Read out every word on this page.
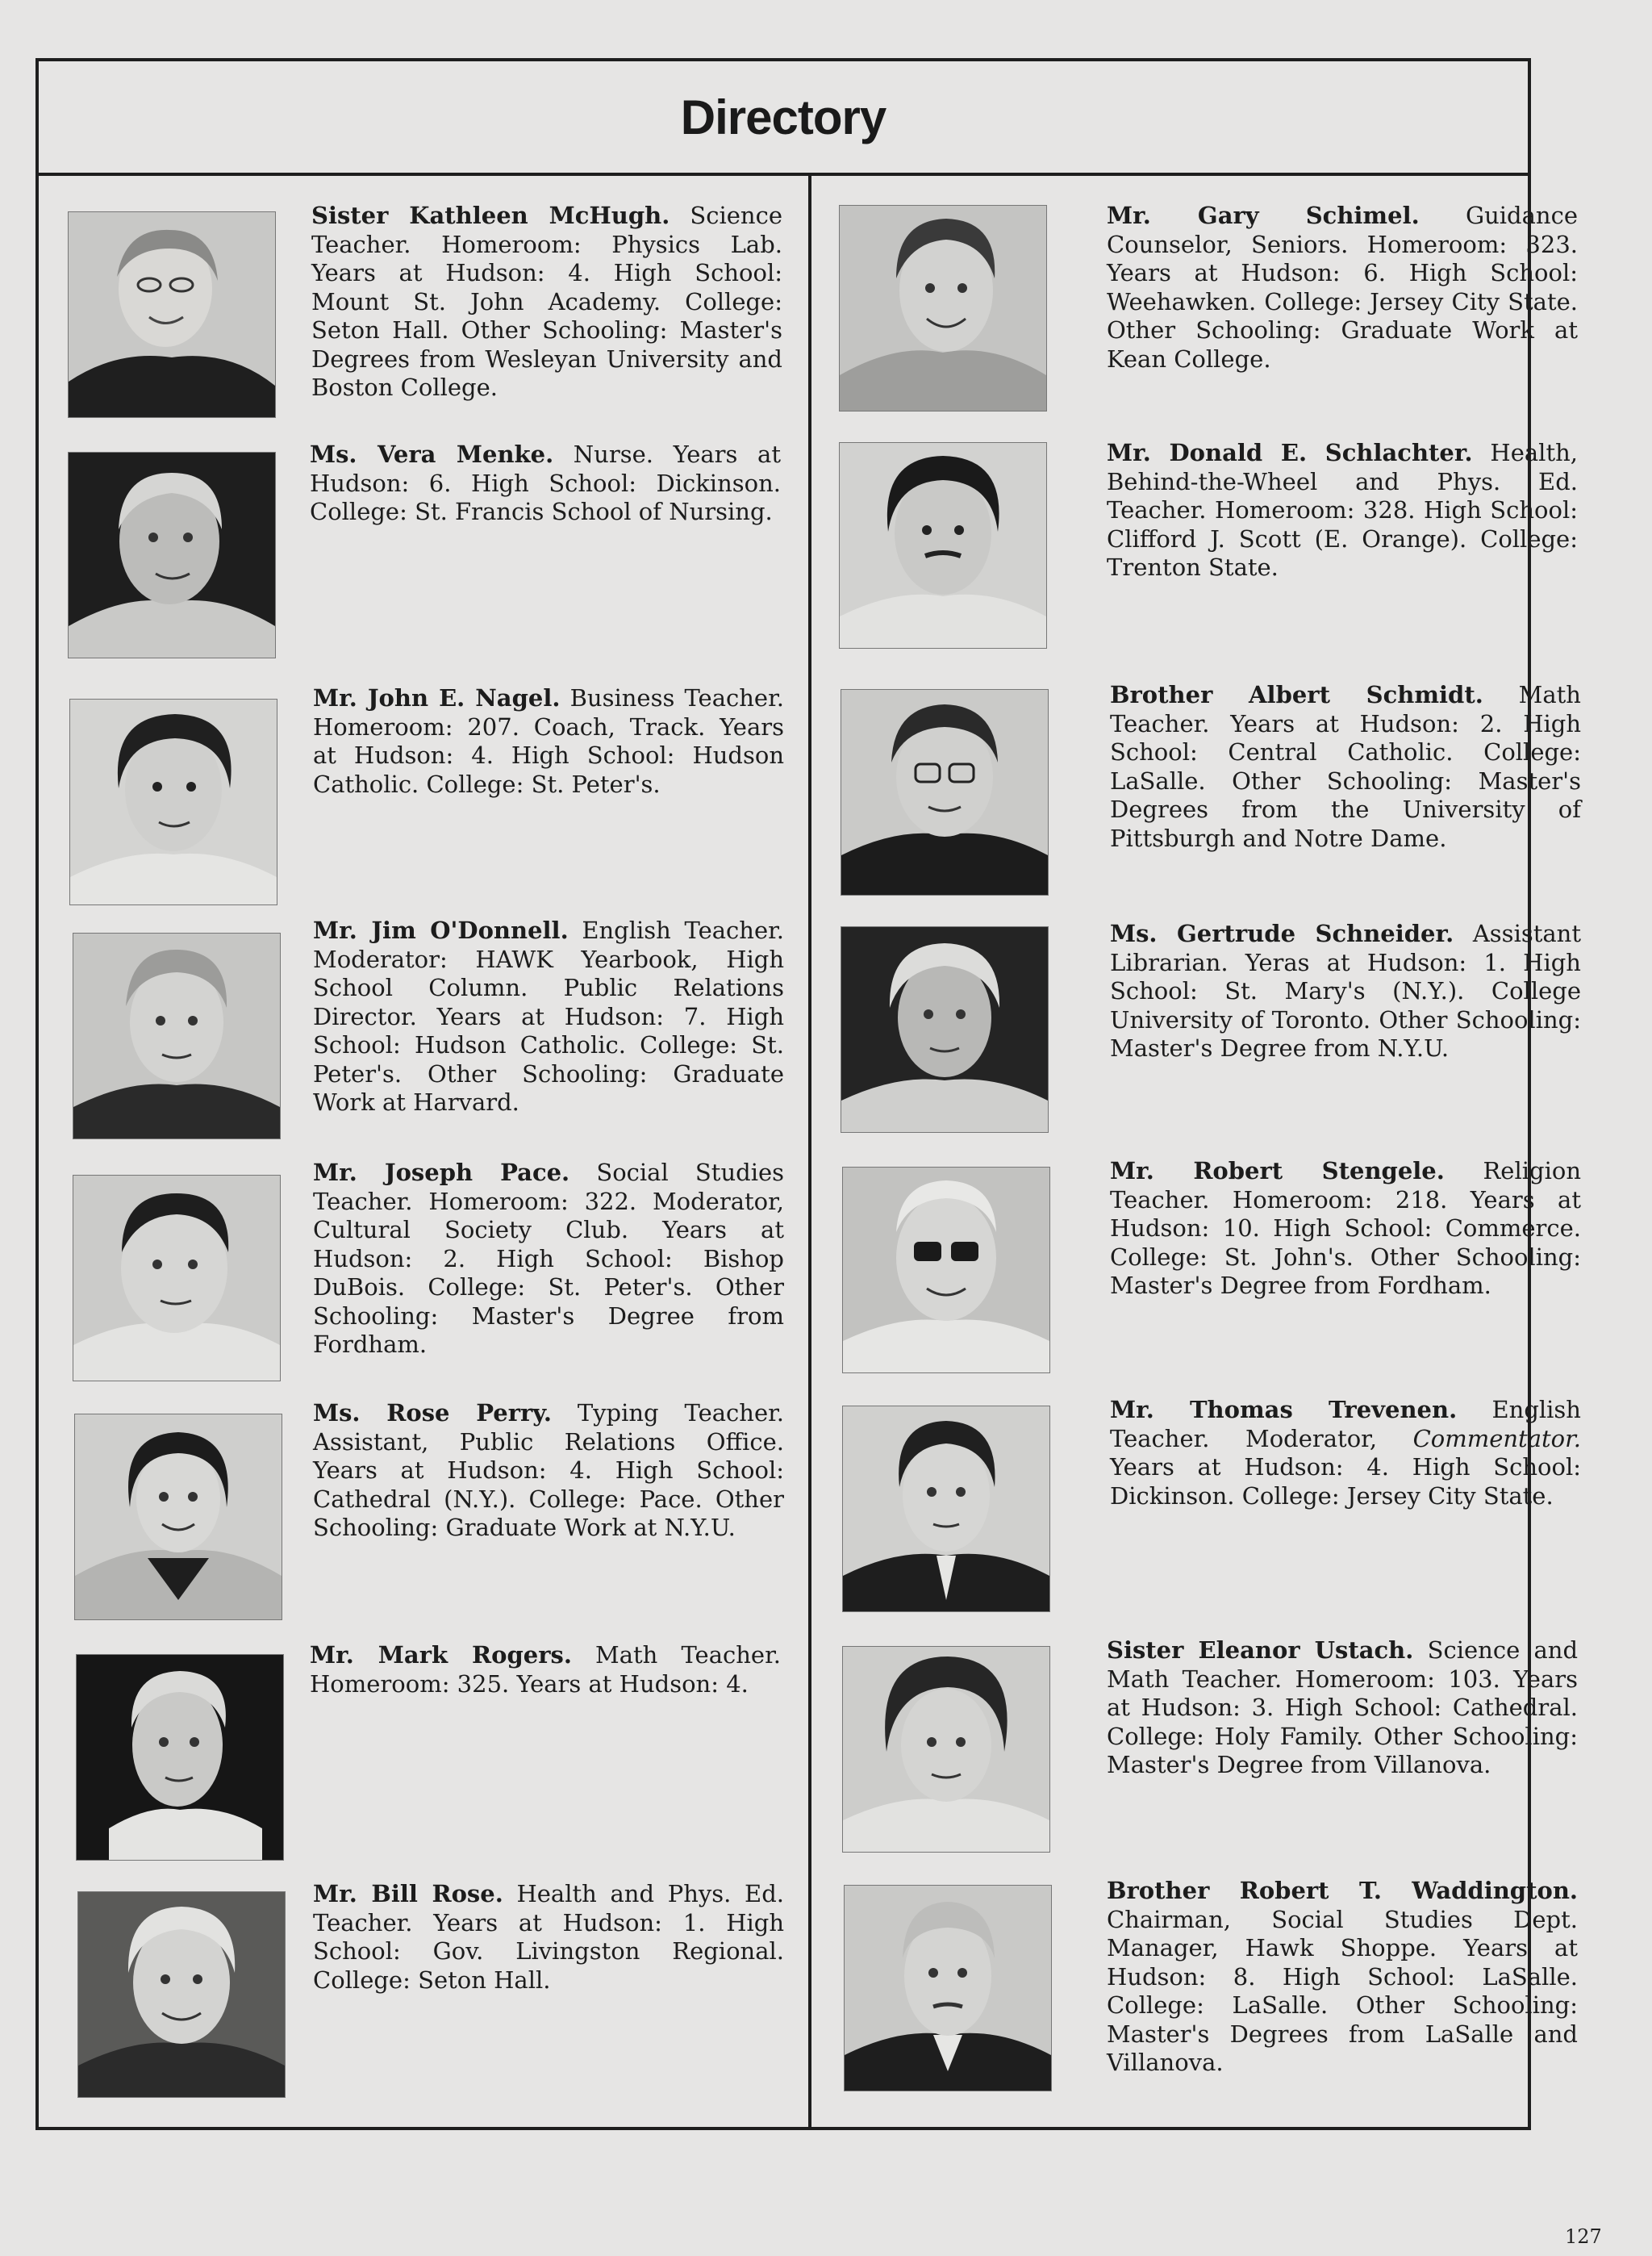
Directory
Sister Kathleen McHugh. Science Teacher. Homeroom: Physics Lab. Years at Hudson: 4. High School: Mount St. John Academy. College: Seton Hall. Other Schooling: Master's Degrees from Wesleyan University and Boston College.
Ms. Vera Menke. Nurse. Years at Hudson: 6. High School: Dickinson. College: St. Francis School of Nursing.
Mr. John E. Nagel. Business Teacher. Homeroom: 207. Coach, Track. Years at Hudson: 4. High School: Hudson Catholic. College: St. Peter's.
Mr. Jim O'Donnell. English Teacher. Moderator: HAWK Yearbook, High School Column. Public Relations Director. Years at Hudson: 7. High School: Hudson Catholic. College: St. Peter's. Other Schooling: Graduate Work at Harvard.
Mr. Joseph Pace. Social Studies Teacher. Homeroom: 322. Moderator, Cultural Society Club. Years at Hudson: 2. High School: Bishop DuBois. College: St. Peter's. Other Schooling: Master's Degree from Fordham.
Ms. Rose Perry. Typing Teacher. Assistant, Public Relations Office. Years at Hudson: 4. High School: Cathedral (N.Y.). College: Pace. Other Schooling: Graduate Work at N.Y.U.
Mr. Mark Rogers. Math Teacher. Homeroom: 325. Years at Hudson: 4.
Mr. Bill Rose. Health and Phys. Ed. Teacher. Years at Hudson: 1. High School: Gov. Livingston Regional. College: Seton Hall.
Mr. Gary Schimel. Guidance Counselor, Seniors. Homeroom: 323. Years at Hudson: 6. High School: Weehawken. College: Jersey City State. Other Schooling: Graduate Work at Kean College.
Mr. Donald E. Schlachter. Health, Behind-the-Wheel and Phys. Ed. Teacher. Homeroom: 328. High School: Clifford J. Scott (E. Orange). College: Trenton State.
Brother Albert Schmidt. Math Teacher. Years at Hudson: 2. High School: Central Catholic. College: LaSalle. Other Schooling: Master's Degrees from the University of Pittsburgh and Notre Dame.
Ms. Gertrude Schneider. Assistant Librarian. Yeras at Hudson: 1. High School: St. Mary's (N.Y.). College University of Toronto. Other Schooling: Master's Degree from N.Y.U.
Mr. Robert Stengele. Religion Teacher. Homeroom: 218. Years at Hudson: 10. High School: Commerce. College: St. John's. Other Schooling: Master's Degree from Fordham.
Mr. Thomas Trevenen. English Teacher. Moderator, Commentator. Years at Hudson: 4. High School: Dickinson. College: Jersey City State.
Sister Eleanor Ustach. Science and Math Teacher. Homeroom: 103. Years at Hudson: 3. High School: Cathedral. College: Holy Family. Other Schooling: Master's Degree from Villanova.
Brother Robert T. Waddington. Chairman, Social Studies Dept. Manager, Hawk Shoppe. Years at Hudson: 8. High School: LaSalle. College: LaSalle. Other Schooling: Master's Degrees from LaSalle and Villanova.
127
